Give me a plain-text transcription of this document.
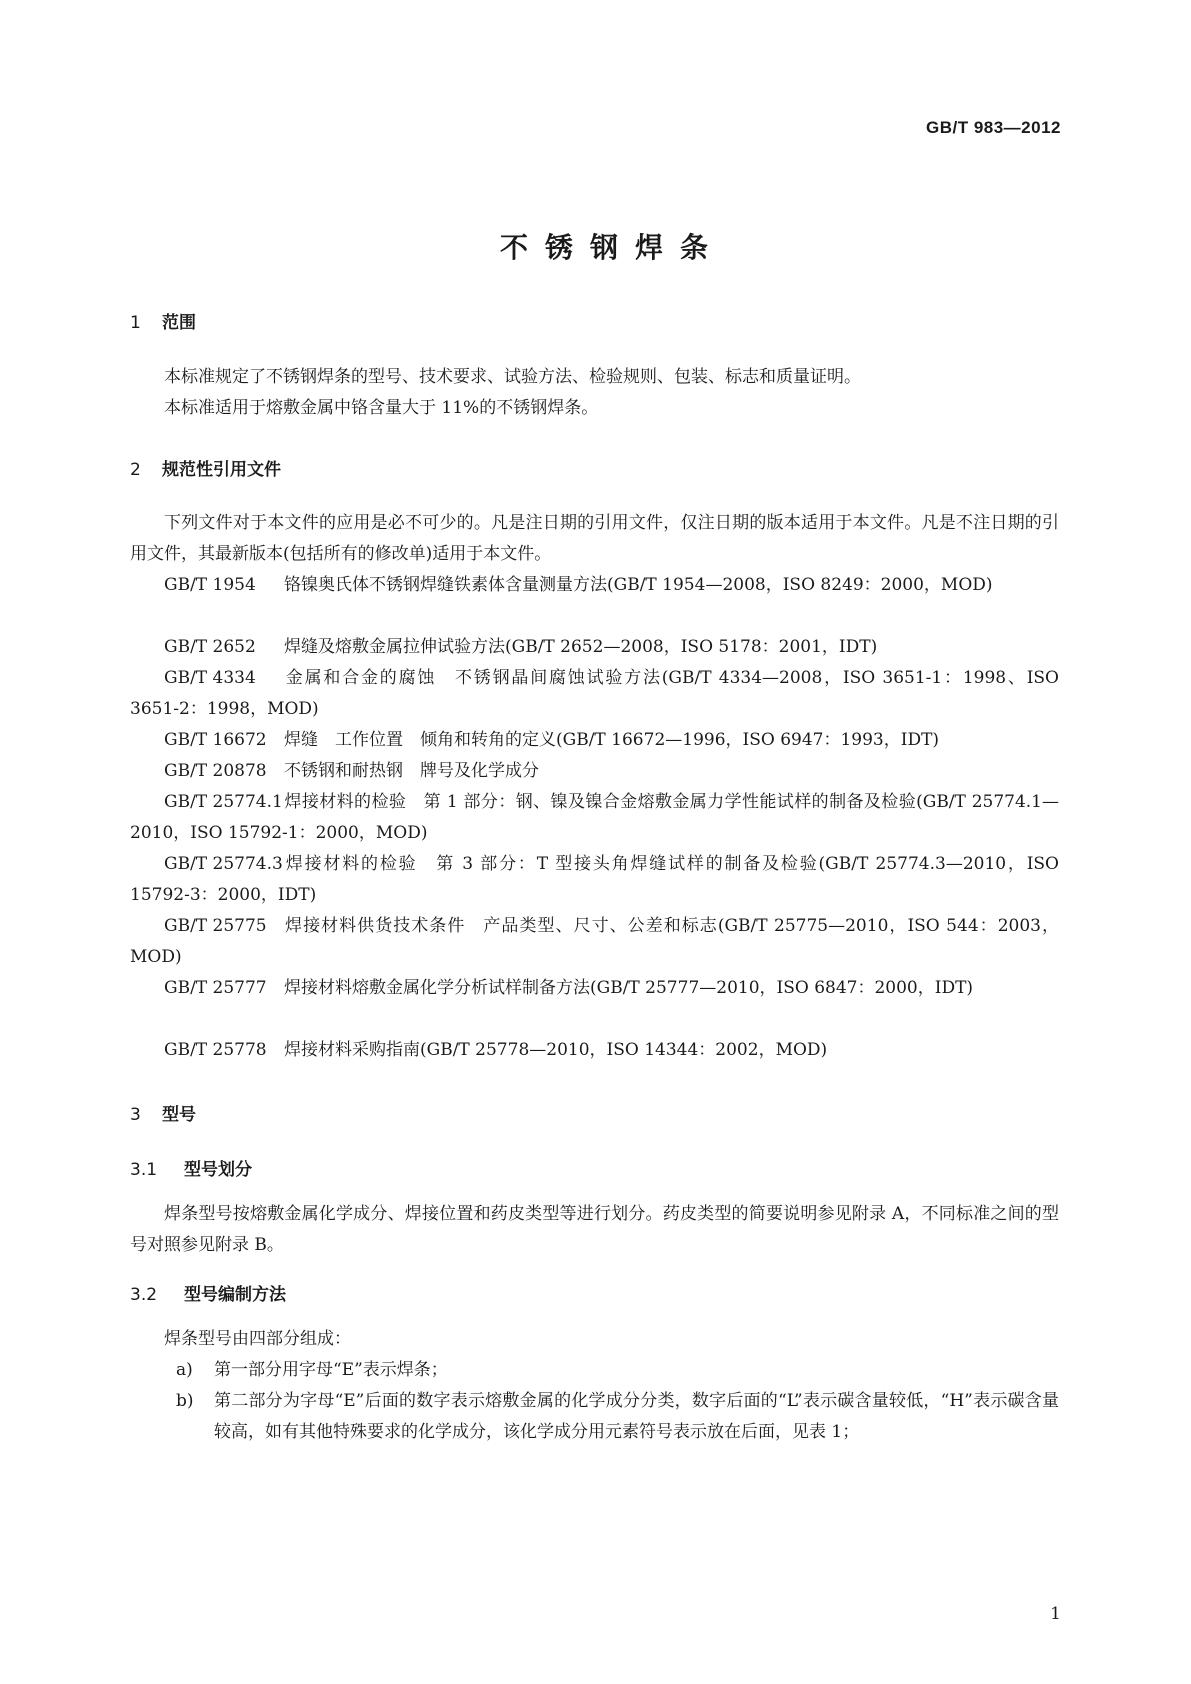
GB/T 983—2012
不锈钢焊条
1 范围
本标准规定了不锈钢焊条的型号、技术要求、试验方法、检验规则、包装、标志和质量证明。
本标准适用于熔敷金属中铬含量大于 11%的不锈钢焊条。
2 规范性引用文件
下列文件对于本文件的应用是必不可少的。凡是注日期的引用文件，仅注日期的版本适用于本文件。凡是不注日期的引用文件，其最新版本(包括所有的修改单)适用于本文件。
GB/T 1954 铬镍奥氏体不锈钢焊缝铁素体含量测量方法(GB/T 1954—2008，ISO 8249：2000，MOD)
GB/T 2652 焊缝及熔敷金属拉伸试验方法(GB/T 2652—2008，ISO 5178：2001，IDT)
GB/T 4334 金属和合金的腐蚀　不锈钢晶间腐蚀试验方法(GB/T 4334—2008，ISO 3651-1：1998、ISO 3651-2：1998，MOD)
GB/T 16672 焊缝　工作位置　倾角和转角的定义(GB/T 16672—1996，ISO 6947：1993，IDT)
GB/T 20878 不锈钢和耐热钢　牌号及化学成分
GB/T 25774.1焊接材料的检验　第 1 部分：钢、镍及镍合金熔敷金属力学性能试样的制备及检验(GB/T 25774.1—2010，ISO 15792-1：2000，MOD)
GB/T 25774.3焊接材料的检验　第 3 部分：T 型接头角焊缝试样的制备及检验(GB/T 25774.3—2010，ISO 15792-3：2000，IDT)
GB/T 25775 焊接材料供货技术条件　产品类型、尺寸、公差和标志(GB/T 25775—2010，ISO 544：2003，MOD)
GB/T 25777 焊接材料熔敷金属化学分析试样制备方法(GB/T 25777—2010，ISO 6847：2000，IDT)
GB/T 25778 焊接材料采购指南(GB/T 25778—2010，ISO 14344：2002，MOD)
3 型号
3.1 型号划分
焊条型号按熔敷金属化学成分、焊接位置和药皮类型等进行划分。药皮类型的简要说明参见附录 A，不同标准之间的型号对照参见附录 B。
3.2 型号编制方法
焊条型号由四部分组成：
a) 第一部分用字母“E”表示焊条；
b) 第二部分为字母“E”后面的数字表示熔敷金属的化学成分分类，数字后面的“L”表示碳含量较低，“H”表示碳含量较高，如有其他特殊要求的化学成分，该化学成分用元素符号表示放在后面，见表 1；
1
